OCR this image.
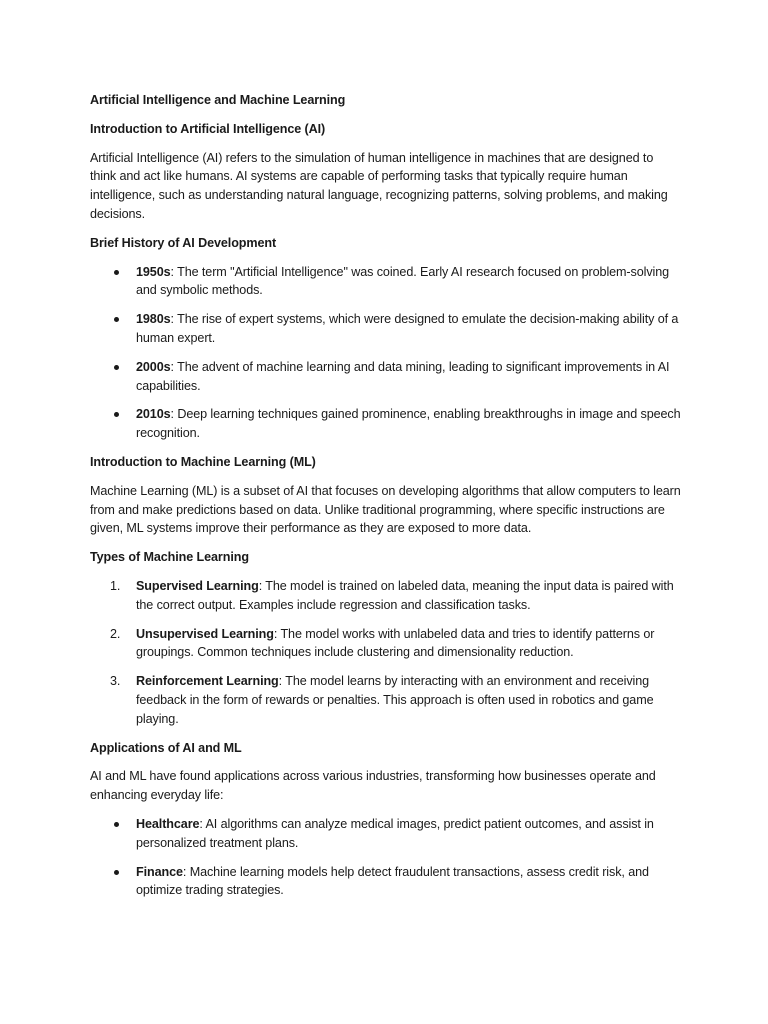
Artificial Intelligence and Machine Learning
Introduction to Artificial Intelligence (AI)
Artificial Intelligence (AI) refers to the simulation of human intelligence in machines that are designed to think and act like humans. AI systems are capable of performing tasks that typically require human intelligence, such as understanding natural language, recognizing patterns, solving problems, and making decisions.
Brief History of AI Development
1950s: The term "Artificial Intelligence" was coined. Early AI research focused on problem-solving and symbolic methods.
1980s: The rise of expert systems, which were designed to emulate the decision-making ability of a human expert.
2000s: The advent of machine learning and data mining, leading to significant improvements in AI capabilities.
2010s: Deep learning techniques gained prominence, enabling breakthroughs in image and speech recognition.
Introduction to Machine Learning (ML)
Machine Learning (ML) is a subset of AI that focuses on developing algorithms that allow computers to learn from and make predictions based on data. Unlike traditional programming, where specific instructions are given, ML systems improve their performance as they are exposed to more data.
Types of Machine Learning
1. Supervised Learning: The model is trained on labeled data, meaning the input data is paired with the correct output. Examples include regression and classification tasks.
2. Unsupervised Learning: The model works with unlabeled data and tries to identify patterns or groupings. Common techniques include clustering and dimensionality reduction.
3. Reinforcement Learning: The model learns by interacting with an environment and receiving feedback in the form of rewards or penalties. This approach is often used in robotics and game playing.
Applications of AI and ML
AI and ML have found applications across various industries, transforming how businesses operate and enhancing everyday life:
Healthcare: AI algorithms can analyze medical images, predict patient outcomes, and assist in personalized treatment plans.
Finance: Machine learning models help detect fraudulent transactions, assess credit risk, and optimize trading strategies.
